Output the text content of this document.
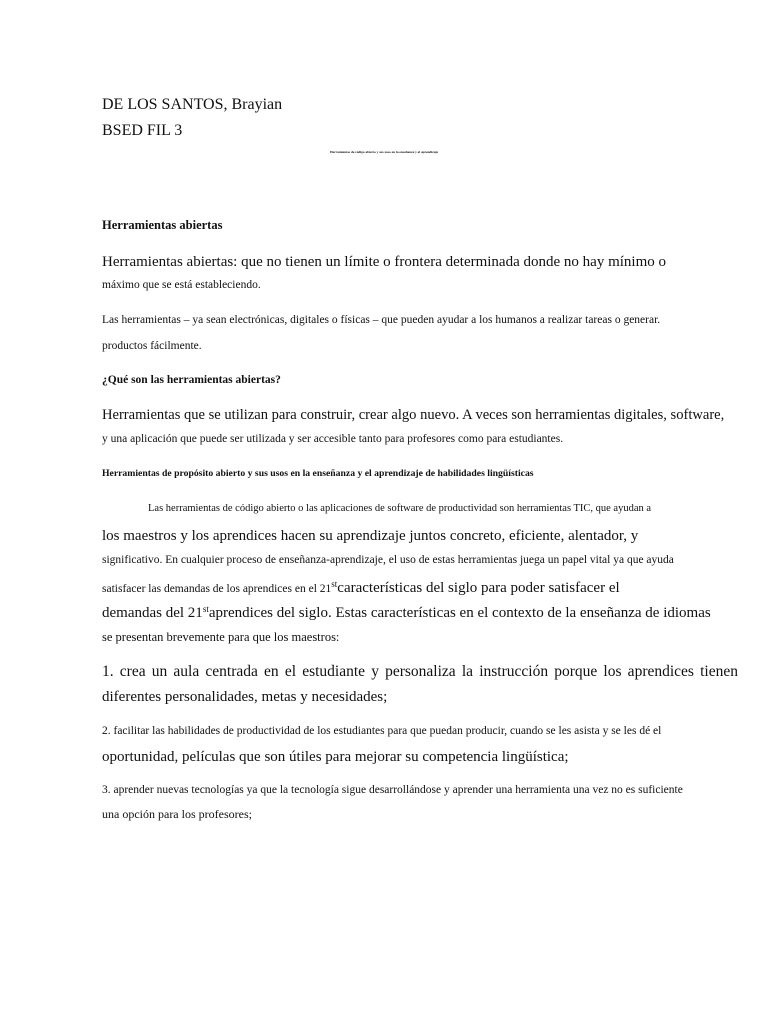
DE LOS SANTOS, Brayian
BSED FIL 3
Herramientas de código abierto y sus usos en la enseñanza y el aprendizaje
Herramientas abiertas
Herramientas abiertas: que no tienen un límite o frontera determinada donde no hay mínimo o
máximo que se está estableciendo.
Las herramientas – ya sean electrónicas, digitales o físicas – que pueden ayudar a los humanos a realizar tareas o generar.
productos fácilmente.
¿Qué son las herramientas abiertas?
Herramientas que se utilizan para construir, crear algo nuevo. A veces son herramientas digitales, software,
y una aplicación que puede ser utilizada y ser accesible tanto para profesores como para estudiantes.
Herramientas de propósito abierto y sus usos en la enseñanza y el aprendizaje de habilidades lingüísticas
Las herramientas de código abierto o las aplicaciones de software de productividad son herramientas TIC, que ayudan a
los maestros y los aprendices hacen su aprendizaje juntos concreto, eficiente, alentador, y
significativo. En cualquier proceso de enseñanza-aprendizaje, el uso de estas herramientas juega un papel vital ya que ayuda
satisfacer las demandas de los aprendices en el 21stcaracterísticas del siglo para poder satisfacer el
demandas del 21staprendices del siglo. Estas características en el contexto de la enseñanza de idiomas
se presentan brevemente para que los maestros:
1. crea un aula centrada en el estudiante y personaliza la instrucción porque los aprendices tienen
diferentes personalidades, metas y necesidades;
2. facilitar las habilidades de productividad de los estudiantes para que puedan producir, cuando se les asista y se les dé el
oportunidad, películas que son útiles para mejorar su competencia lingüística;
3. aprender nuevas tecnologías ya que la tecnología sigue desarrollándose y aprender una herramienta una vez no es suficiente
una opción para los profesores;
